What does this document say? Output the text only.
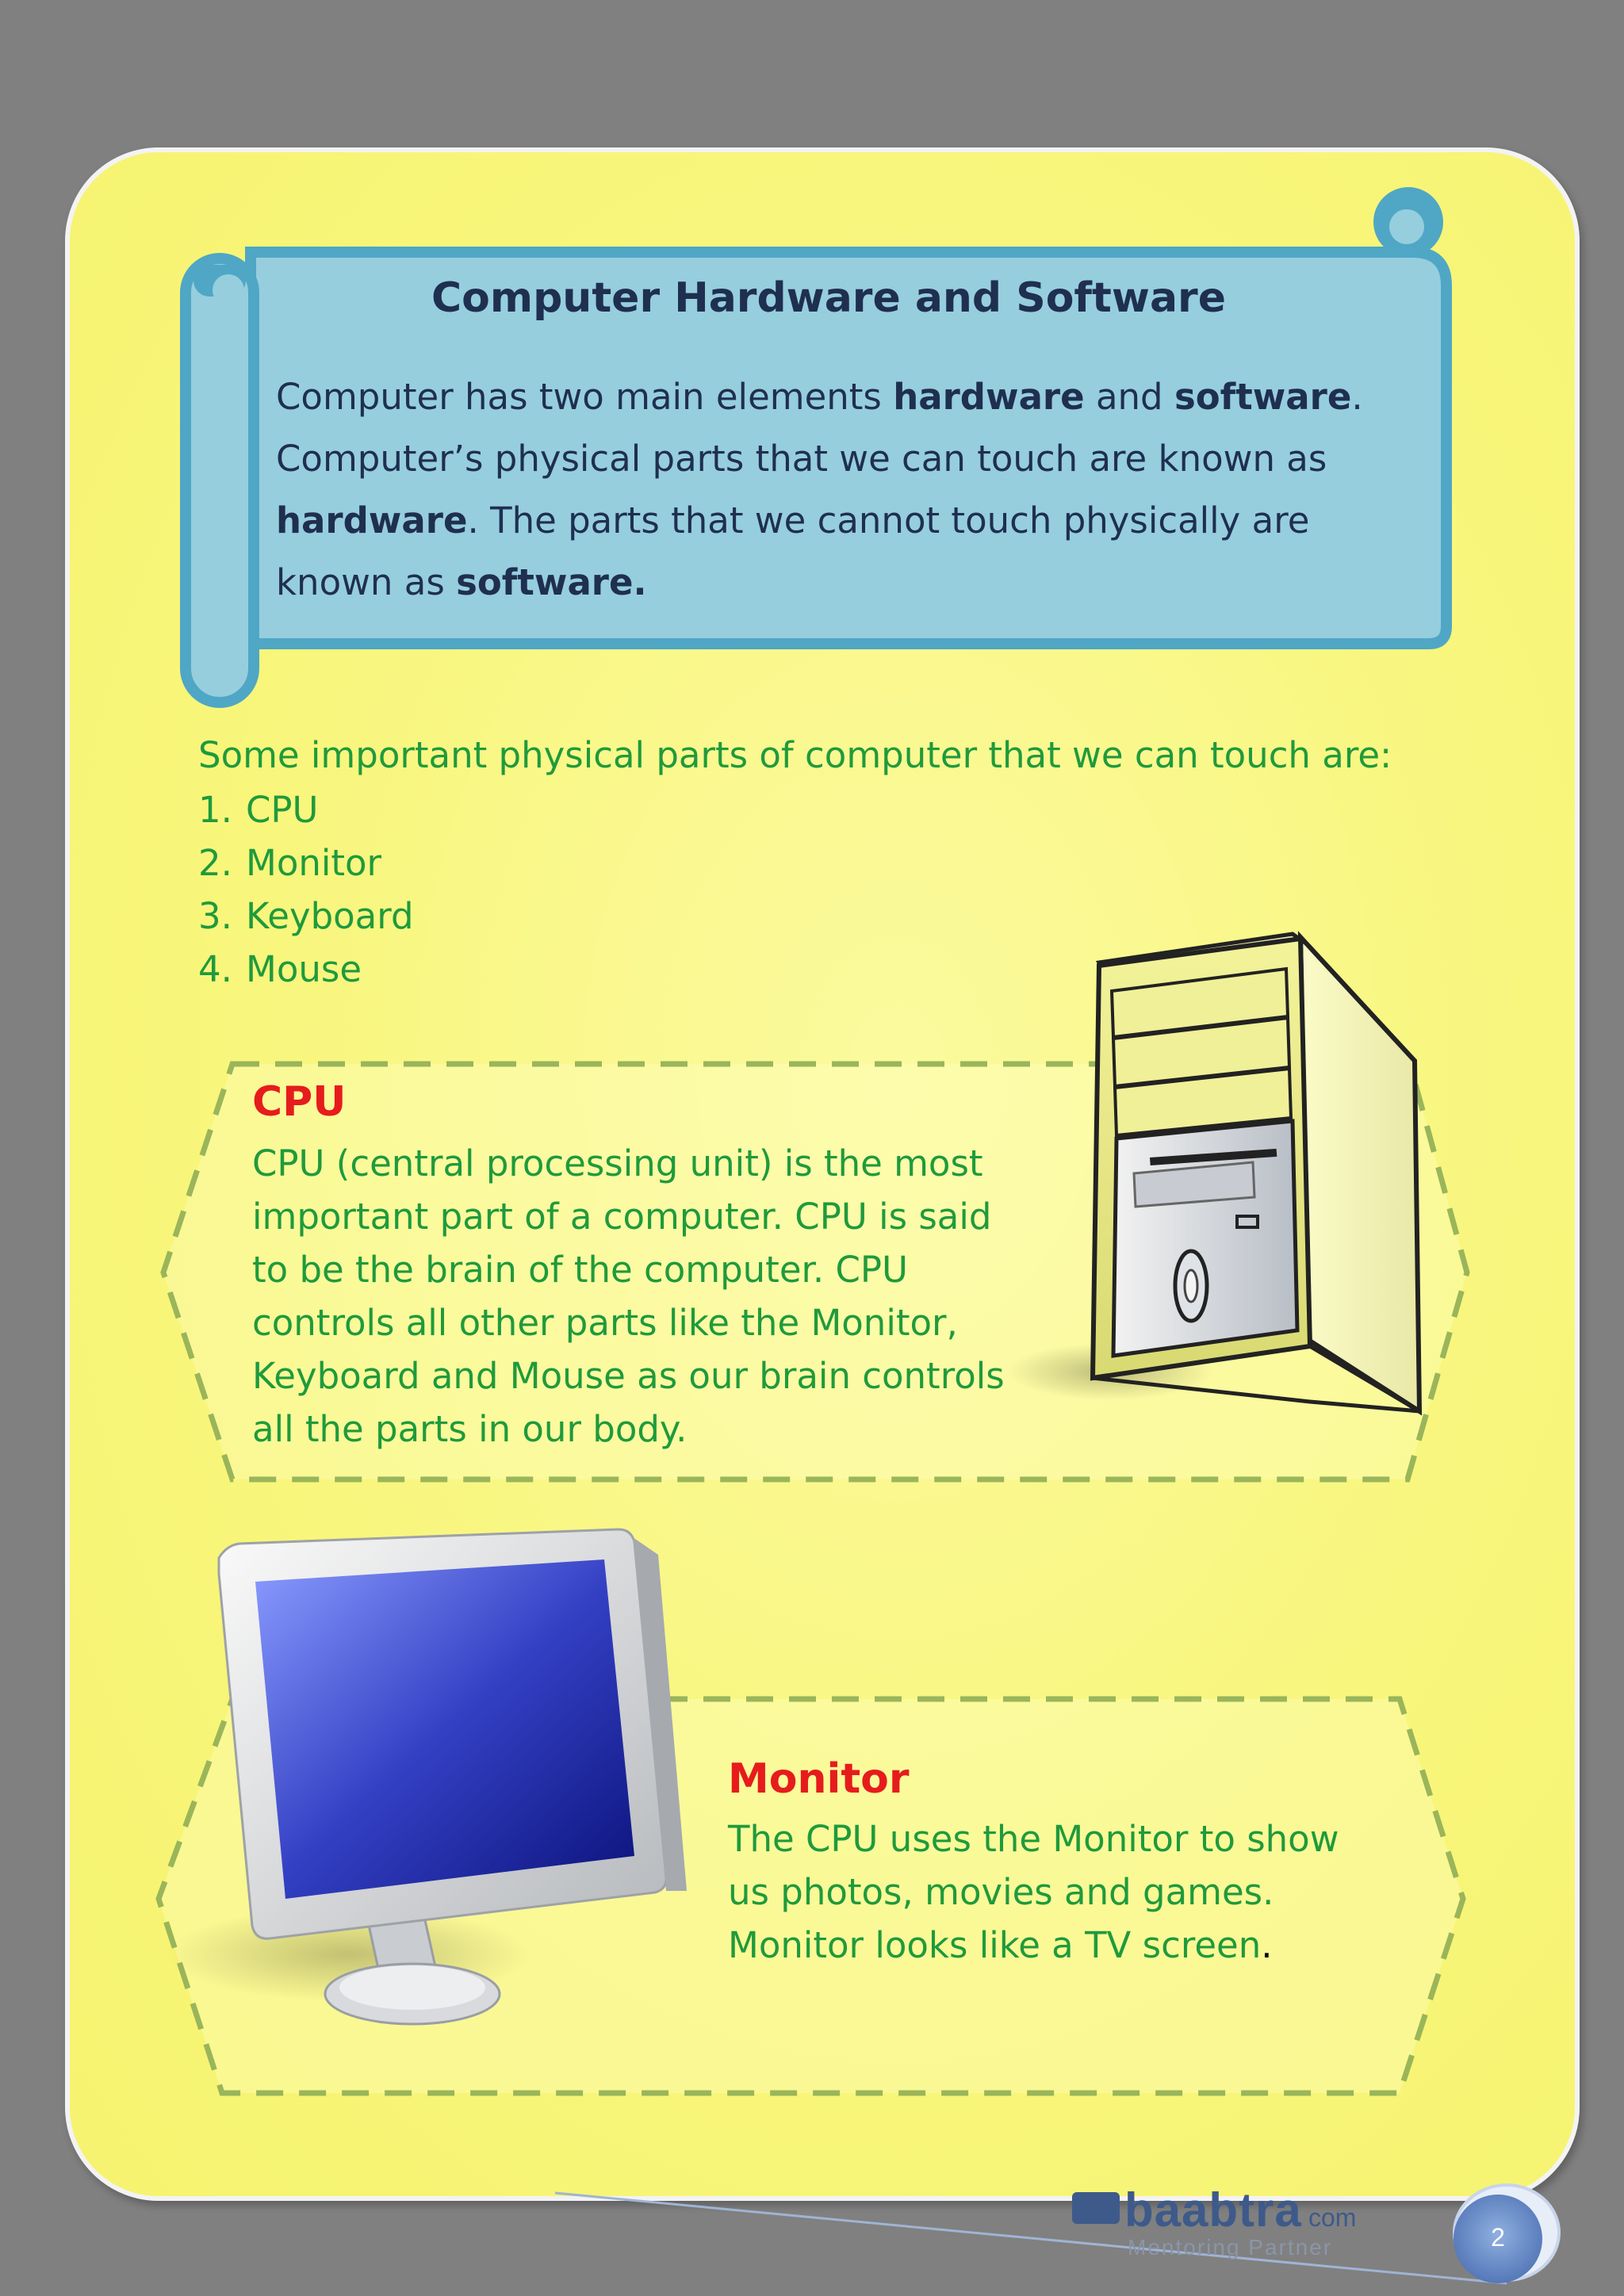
Computer Hardware and Software
Computer has two main elements hardware and software.
Computer’s physical parts that we can touch are known as
hardware. The parts that we cannot touch physically are
known as software.
Some important physical parts of computer that we can touch are:
1. CPU
2. Monitor
3. Keyboard
4. Mouse
CPU
CPU (central processing unit) is the most
important part of a computer. CPU is said
to be the brain of the computer. CPU
controls all other parts like the Monitor,
Keyboard and Mouse as our brain controls
all the parts in our body.
Monitor
The CPU uses the Monitor to show
us photos, movies and games.
Monitor looks like a TV screen.
baabtra com
Mentoring Partner	2
